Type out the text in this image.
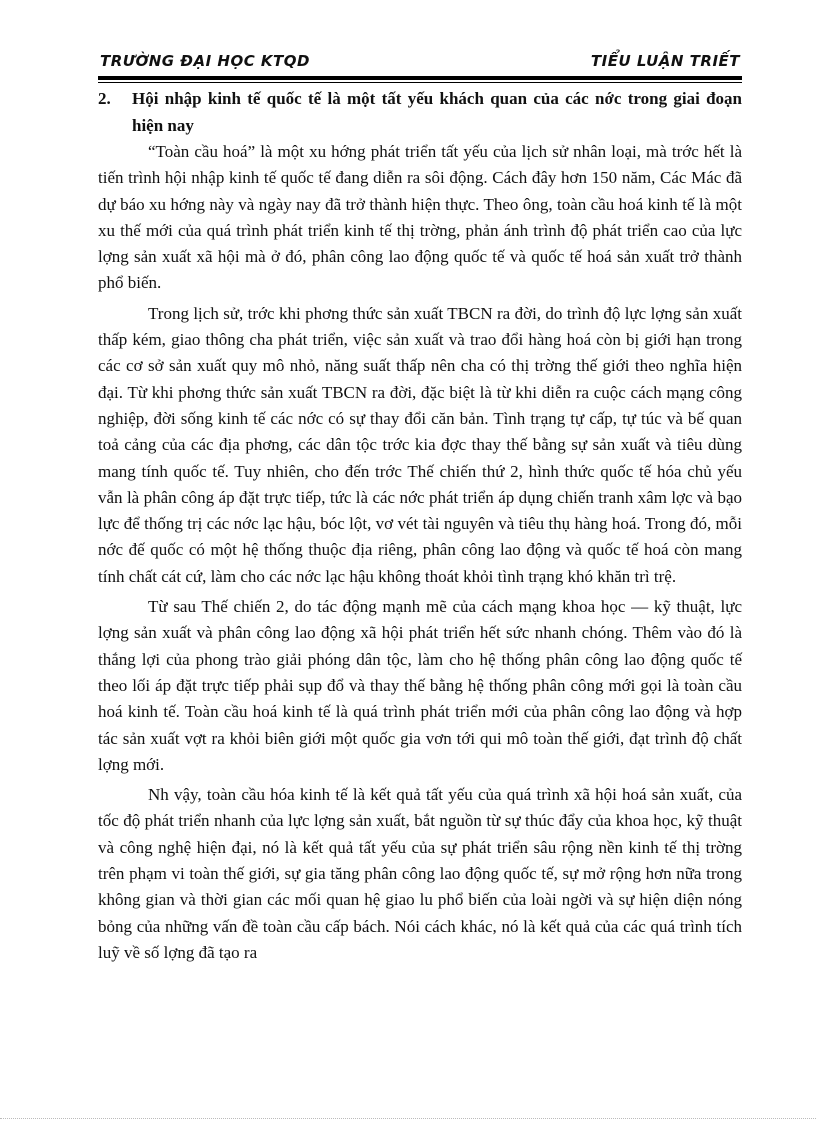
TRƯỜNG ĐẠI HỌC KTQD	TIỂU LUẬN TRIẾT
2.	Hội nhập kinh tế quốc tế là một tất yếu khách quan của các nớc trong giai đoạn hiện nay

“Toàn cầu hoá” là một xu hớng phát triển tất yếu của lịch sử nhân loại, mà trớc hết là tiến trình hội nhập kinh tế quốc tế đang diễn ra sôi động. Cách đây hơn 150 năm, Các Mác đã dự báo xu hớng này và ngày nay đã trở thành hiện thực. Theo ông, toàn cầu hoá kinh tế là một xu thế mới của quá trình phát triển kinh tế thị trờng, phản ánh trình độ phát triển cao của lực lợng sản xuất xã hội mà ở đó, phân công lao động quốc tế và quốc tế hoá sản xuất trở thành phổ biến.

Trong lịch sử, trớc khi phơng thức sản xuất TBCN ra đời, do trình độ lực lợng sản xuất thấp kém, giao thông cha phát triển, việc sản xuất và trao đổi hàng hoá còn bị giới hạn trong các cơ sở sản xuất quy mô nhỏ, năng suất thấp nên cha có thị trờng thế giới theo nghĩa hiện đại. Từ khi phơng thức sản xuất TBCN ra đời, đặc biệt là từ khi diễn ra cuộc cách mạng công nghiệp, đời sống kinh tế các nớc có sự thay đổi căn bản. Tình trạng tự cấp, tự túc và bế quan toả cảng của các địa phơng, các dân tộc trớc kia đợc thay thế bằng sự sản xuất và tiêu dùng mang tính quốc tế. Tuy nhiên, cho đến trớc Thế chiến thứ 2, hình thức quốc tế hóa chủ yếu vẫn là phân công áp đặt trực tiếp, tức là các nớc phát triển áp dụng chiến tranh xâm lợc và bạo lực để thống trị các nớc lạc hậu, bóc lột, vơ vét tài nguyên và tiêu thụ hàng hoá. Trong đó, mỗi nớc đế quốc có một hệ thống thuộc địa riêng, phân công lao động và quốc tế hoá còn mang tính chất cát cứ, làm cho các nớc lạc hậu không thoát khỏi tình trạng khó khăn trì trệ.

Từ sau Thế chiến 2, do tác động mạnh mẽ của cách mạng khoa học — kỹ thuật, lực lợng sản xuất và phân công lao động xã hội phát triển hết sức nhanh chóng. Thêm vào đó là thắng lợi của phong trào giải phóng dân tộc, làm cho hệ thống phân công lao động quốc tế theo lối áp đặt trực tiếp phải sụp đổ và thay thế bằng hệ thống phân công mới gọi là toàn cầu hoá kinh tế. Toàn cầu hoá kinh tế là quá trình phát triển mới của phân công lao động và hợp tác sản xuất vợt ra khỏi biên giới một quốc gia vơn tới qui mô toàn thế giới, đạt trình độ chất lợng mới.

Nh vậy, toàn cầu hóa kinh tế là kết quả tất yếu của quá trình xã hội hoá sản xuất, của tốc độ phát triển nhanh của lực lợng sản xuất, bắt nguồn từ sự thúc đẩy của khoa học, kỹ thuật và công nghệ hiện đại, nó là kết quả tất yếu của sự phát triển sâu rộng nền kinh tế thị trờng trên phạm vi toàn thế giới, sự gia tăng phân công lao động quốc tế, sự mở rộng hơn nữa trong không gian và thời gian các mối quan hệ giao lu phổ biến của loài ngời và sự hiện diện nóng bỏng của những vấn đề toàn cầu cấp bách. Nói cách khác, nó là kết quả của các quá trình tích luỹ về số lợng đã tạo ra
